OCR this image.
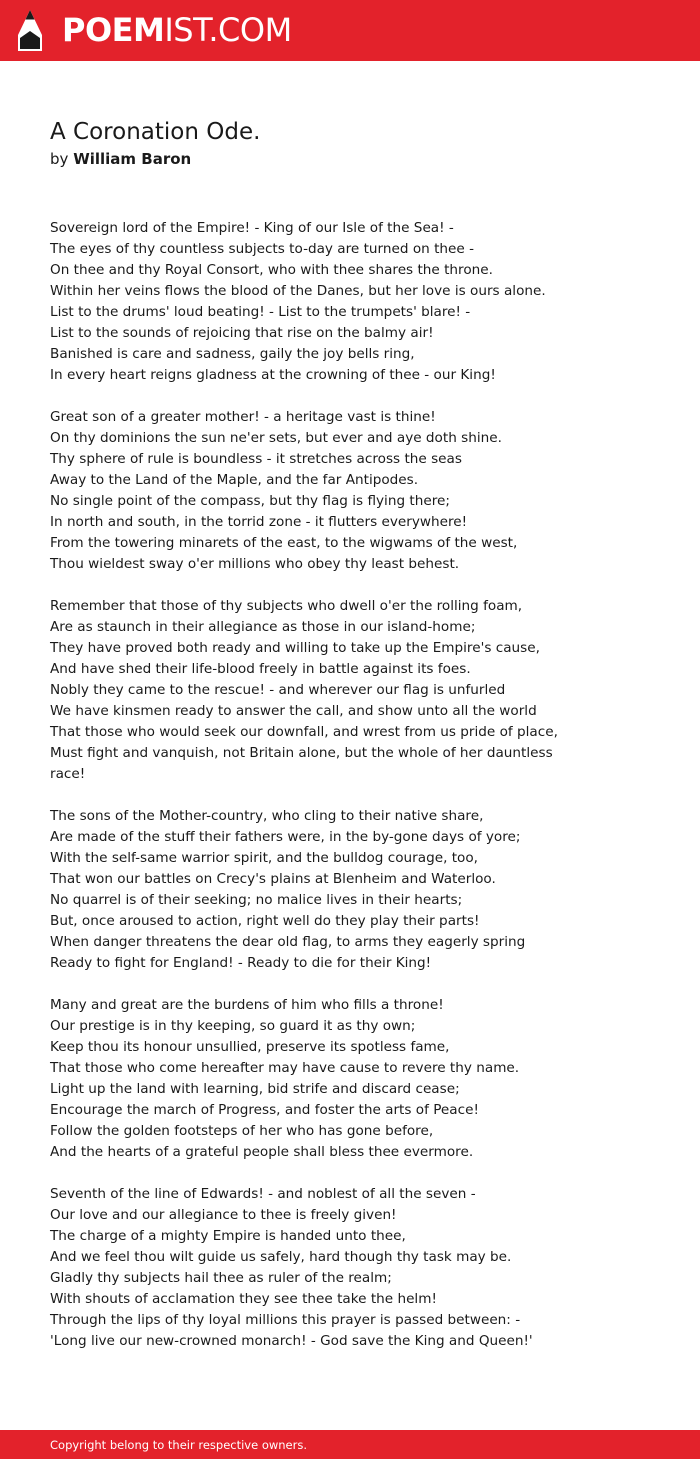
POEMIST.COM
A Coronation Ode.
by William Baron
Sovereign lord of the Empire! - King of our Isle of the Sea! -
The eyes of thy countless subjects to-day are turned on thee -
On thee and thy Royal Consort, who with thee shares the throne.
Within her veins flows the blood of the Danes, but her love is ours alone.
List to the drums' loud beating! - List to the trumpets' blare! -
List to the sounds of rejoicing that rise on the balmy air!
Banished is care and sadness, gaily the joy bells ring,
In every heart reigns gladness at the crowning of thee - our King!
Great son of a greater mother! - a heritage vast is thine!
On thy dominions the sun ne'er sets, but ever and aye doth shine.
Thy sphere of rule is boundless - it stretches across the seas
Away to the Land of the Maple, and the far Antipodes.
No single point of the compass, but thy flag is flying there;
In north and south, in the torrid zone - it flutters everywhere!
From the towering minarets of the east, to the wigwams of the west,
Thou wieldest sway o'er millions who obey thy least behest.
Remember that those of thy subjects who dwell o'er the rolling foam,
Are as staunch in their allegiance as those in our island-home;
They have proved both ready and willing to take up the Empire's cause,
And have shed their life-blood freely in battle against its foes.
Nobly they came to the rescue! - and wherever our flag is unfurled
We have kinsmen ready to answer the call, and show unto all the world
That those who would seek our downfall, and wrest from us pride of place,
Must fight and vanquish, not Britain alone, but the whole of her dauntless race!
The sons of the Mother-country, who cling to their native share,
Are made of the stuff their fathers were, in the by-gone days of yore;
With the self-same warrior spirit, and the bulldog courage, too,
That won our battles on Crecy's plains at Blenheim and Waterloo.
No quarrel is of their seeking; no malice lives in their hearts;
But, once aroused to action, right well do they play their parts!
When danger threatens the dear old flag, to arms they eagerly spring
Ready to fight for England! - Ready to die for their King!
Many and great are the burdens of him who fills a throne!
Our prestige is in thy keeping, so guard it as thy own;
Keep thou its honour unsullied, preserve its spotless fame,
That those who come hereafter may have cause to revere thy name.
Light up the land with learning, bid strife and discard cease;
Encourage the march of Progress, and foster the arts of Peace!
Follow the golden footsteps of her who has gone before,
And the hearts of a grateful people shall bless thee evermore.
Seventh of the line of Edwards! - and noblest of all the seven -
Our love and our allegiance to thee is freely given!
The charge of a mighty Empire is handed unto thee,
And we feel thou wilt guide us safely, hard though thy task may be.
Gladly thy subjects hail thee as ruler of the realm;
With shouts of acclamation they see thee take the helm!
Through the lips of thy loyal millions this prayer is passed between: -
'Long live our new-crowned monarch! - God save the King and Queen!'
Copyright belong to their respective owners.
